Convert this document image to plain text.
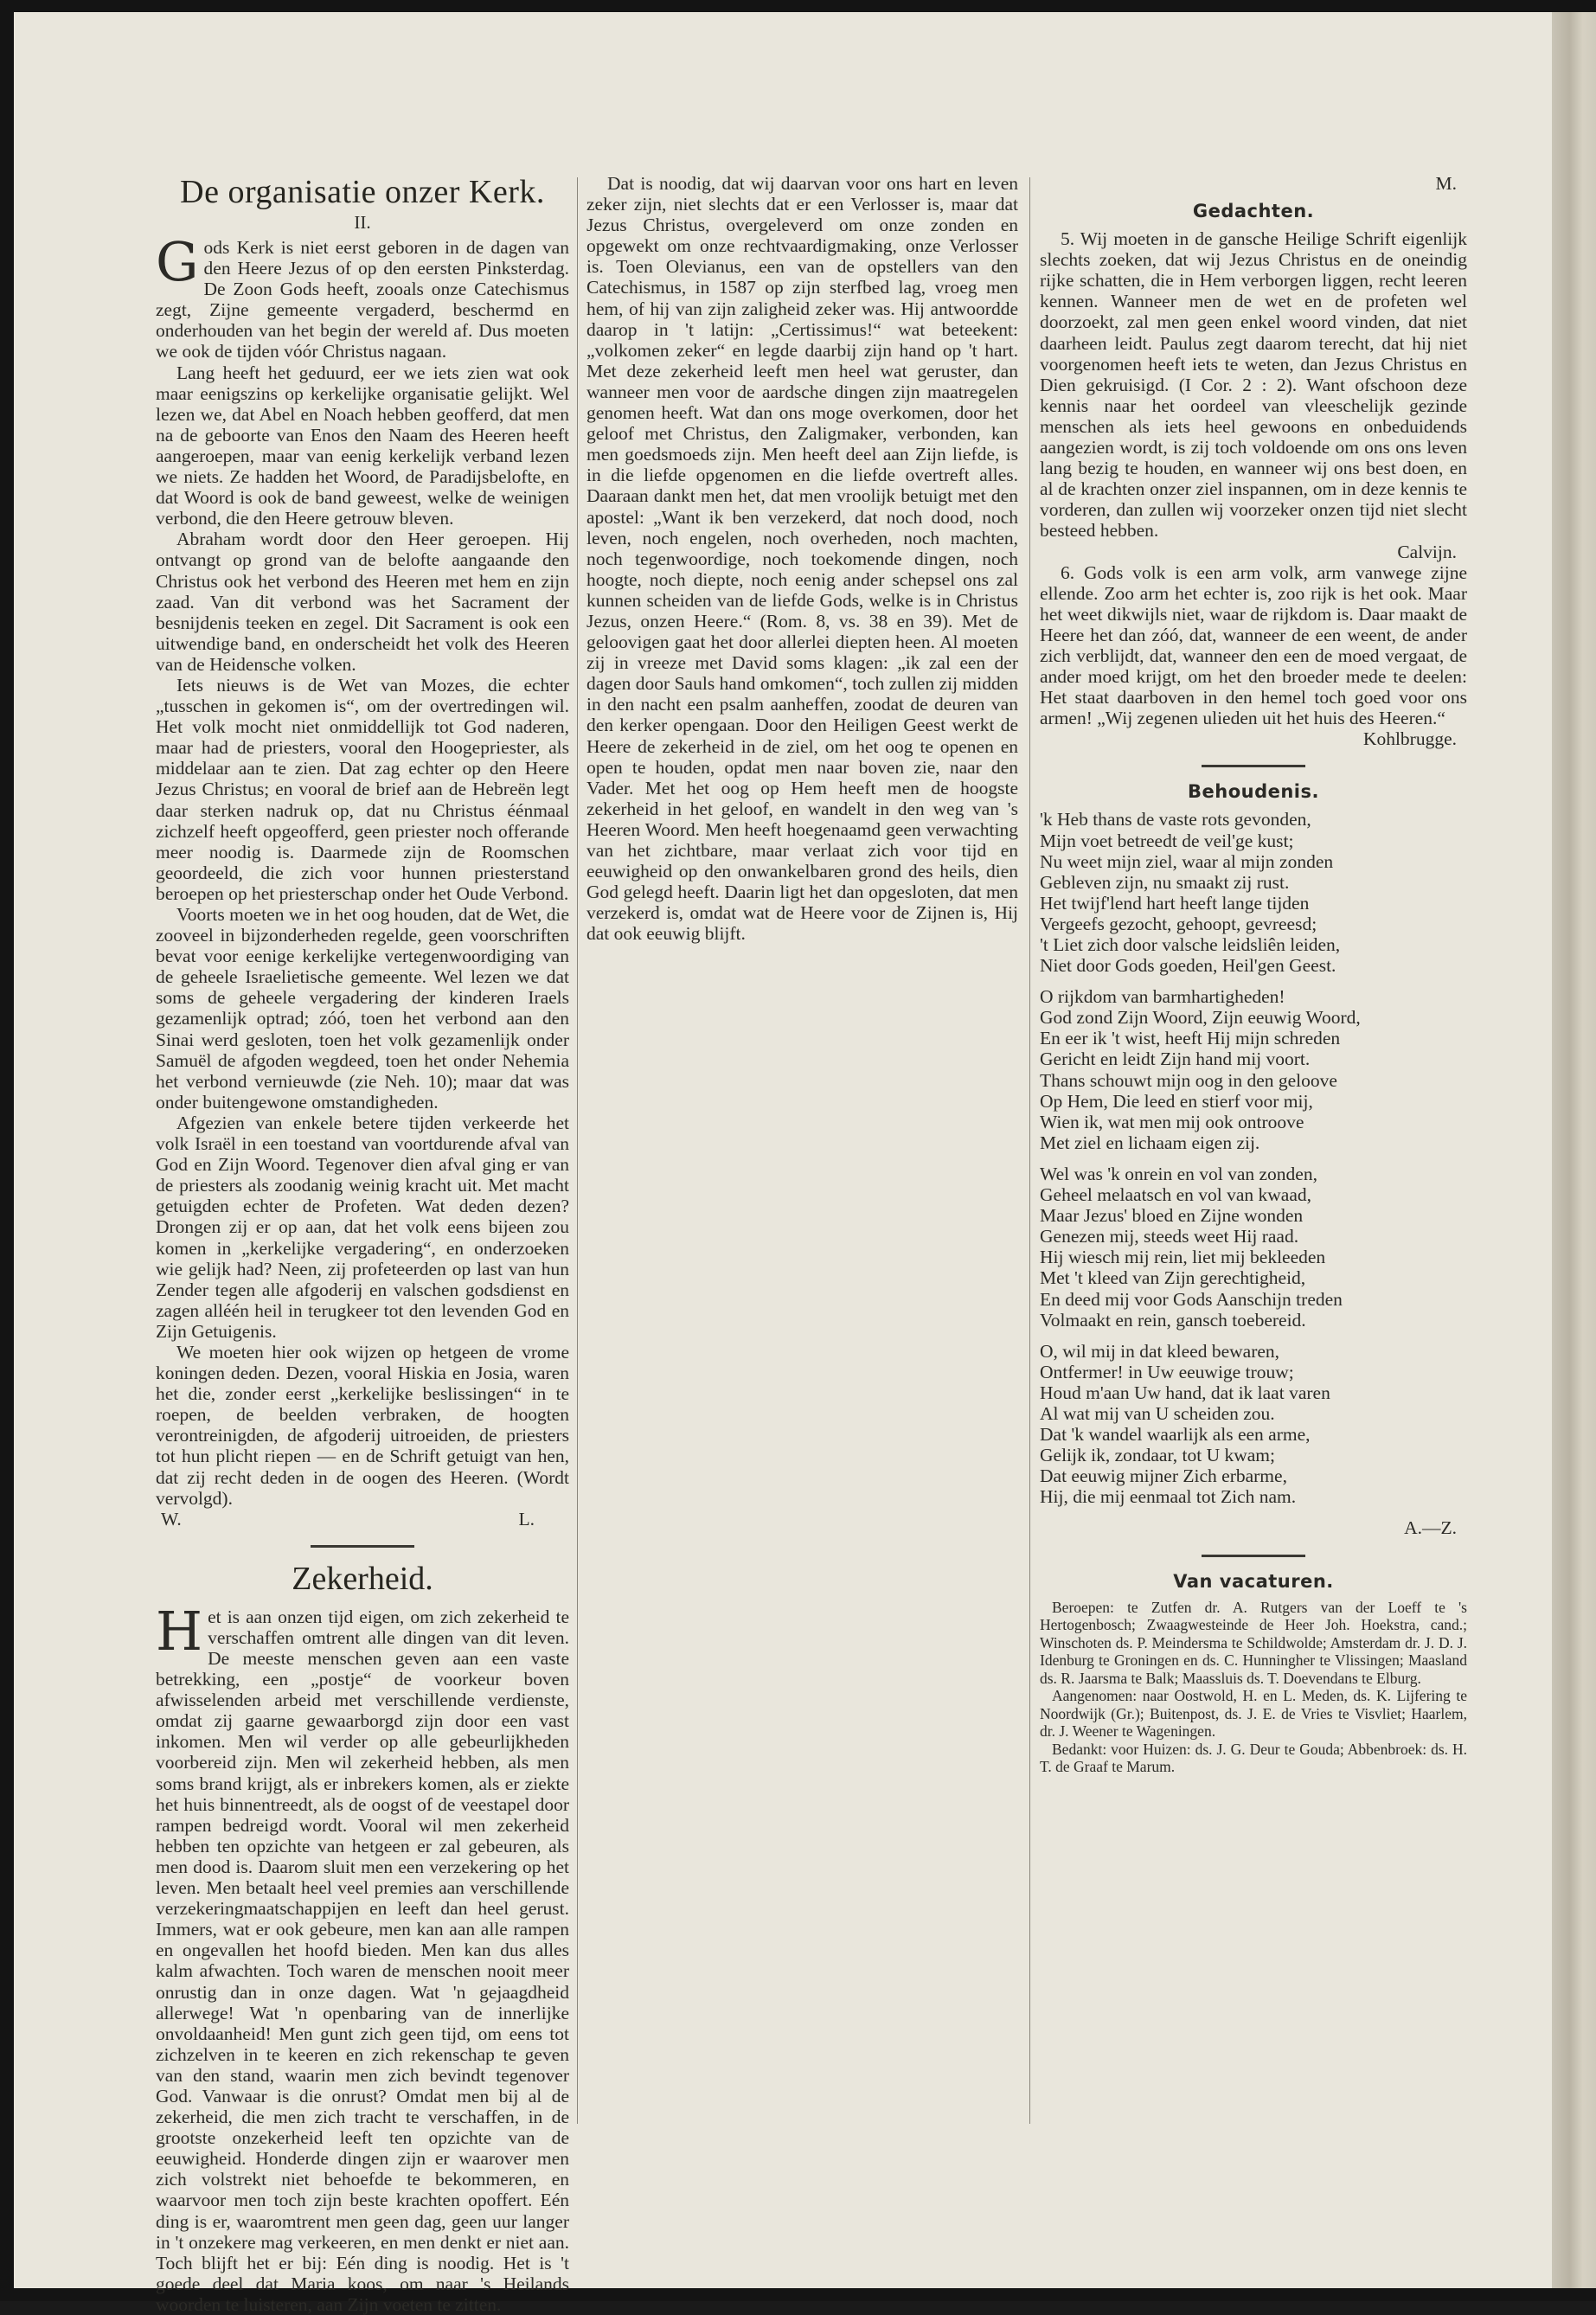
De organisatie onzer Kerk.
II.

Gods Kerk is niet eerst geboren in de dagen van den Heere Jezus of op den eersten Pinksterdag. De Zoon Gods heeft, zooals onze Catechismus zegt, Zijne gemeente vergaderd, beschermd en onderhouden van het begin der wereld af. Dus moeten we ook de tijden vóór Christus nagaan.

Lang heeft het geduurd, eer we iets zien wat ook maar eenigszins op kerkelijke organisatie gelijkt. Wel lezen we, dat Abel en Noach hebben geofferd, dat men na de geboorte van Enos den Naam des Heeren heeft aangeroepen, maar van eenig kerkelijk verband lezen we niets. Ze hadden het Woord, de Paradijsbelofte, en dat Woord is ook de band geweest, welke de weinigen verbond, die den Heere getrouw bleven.

Abraham wordt door den Heer geroepen. Hij ontvangt op grond van de belofte aangaande den Christus ook het verbond des Heeren met hem en zijn zaad. Van dit verbond was het Sacrament der besnijdenis teeken en zegel. Dit Sacrament is ook een uitwendige band, en onderscheidt het volk des Heeren van de Heidensche volken.

Iets nieuws is de Wet van Mozes, die echter „tusschen in gekomen is“, om der overtredingen wil. Het volk mocht niet onmiddellijk tot God naderen, maar had de priesters, vooral den Hoogepriester, als middelaar aan te zien. Dat zag echter op den Heere Jezus Christus; en vooral de brief aan de Hebreën legt daar sterken nadruk op, dat nu Christus éénmaal zichzelf heeft opgeofferd, geen priester noch offerande meer noodig is. Daarmede zijn de Roomschen geoordeeld, die zich voor hunnen priesterstand beroepen op het priesterschap onder het Oude Verbond.

Voorts moeten we in het oog houden, dat de Wet, die zooveel in bijzonderheden regelde, geen voorschriften bevat voor eenige kerkelijke vertegenwoordiging van de geheele Israelietische gemeente. Wel lezen we dat soms de geheele vergadering der kinderen Iraels gezamenlijk optrad; zóó, toen het verbond aan den Sinai werd gesloten, toen het volk gezamenlijk onder Samuël de afgoden wegdeed, toen het onder Nehemia het verbond vernieuwde (zie Neh. 10); maar dat was onder buitengewone omstandigheden.

Afgezien van enkele betere tijden verkeerde het volk Israël in een toestand van voortdurende afval van God en Zijn Woord. Tegenover dien afval ging er van de priesters als zoodanig weinig kracht uit. Met macht getuigden echter de Profeten. Wat deden dezen? Drongen zij er op aan, dat het volk eens bijeen zou komen in „kerkelijke vergadering“, en onderzoeken wie gelijk had? Neen, zij profeteerden op last van hun Zender tegen alle afgoderij en valschen godsdienst en zagen alléén heil in terugkeer tot den levenden God en Zijn Getuigenis.

We moeten hier ook wijzen op hetgeen de vrome koningen deden. Dezen, vooral Hiskia en Josia, waren het die, zonder eerst „kerkelijke beslissingen“ in te roepen, de beelden verbraken, de hoogten verontreinigden, de afgoderij uitroeiden, de priesters tot hun plicht riepen — en de Schrift getuigt van hen, dat zij recht deden in de oogen des Heeren. (Wordt vervolgd).

W.	L.
Zekerheid.

Het is aan onzen tijd eigen, om zich zekerheid te verschaffen omtrent alle dingen van dit leven. De meeste menschen geven aan een vaste betrekking, een „postje“ de voorkeur boven afwisselenden arbeid met verschillende verdienste, omdat zij gaarne gewaarborgd zijn door een vast inkomen. Men wil verder op alle gebeurlijkheden voorbereid zijn. Men wil zekerheid hebben, als men soms brand krijgt, als er inbrekers komen, als er ziekte het huis binnentreedt, als de oogst of de veestapel door rampen bedreigd wordt. Vooral wil men zekerheid hebben ten opzichte van hetgeen er zal gebeuren, als men dood is. Daarom sluit men een verzekering op het leven. Men betaalt heel veel premies aan verschillende verzekeringmaatschappijen en leeft dan heel gerust. Immers, wat er ook gebeure, men kan aan alle rampen en ongevallen het hoofd bieden. Men kan dus alles kalm afwachten. Toch waren de menschen nooit meer onrustig dan in onze dagen. Wat 'n gejaagdheid allerwege! Wat 'n openbaring van de innerlijke onvoldaanheid! Men gunt zich geen tijd, om eens tot zichzelven in te keeren en zich rekenschap te geven van den stand, waarin men zich bevindt tegenover God. Vanwaar is die onrust? Omdat men bij al de zekerheid, die men zich tracht te verschaffen, in de grootste onzekerheid leeft ten opzichte van de eeuwigheid. Honderde dingen zijn er waarover men zich volstrekt niet behoefde te bekommeren, en waarvoor men toch zijn beste krachten opoffert. Eén ding is er, waaromtrent men geen dag, geen uur langer in 't onzekere mag verkeeren, en men denkt er niet aan. Toch blijft het er bij: Eén ding is noodig. Het is 't goede deel dat Maria koos, om naar 's Heilands woorden te luisteren, aan Zijn voeten te zitten.

Dat is noodig, dat wij daarvan voor ons hart en leven zeker zijn, niet slechts dat er een Verlosser is, maar dat Jezus Christus, overgeleverd om onze zonden en opgewekt om onze rechtvaardigmaking, onze Verlosser is. Toen Olevianus, een van de opstellers van den Catechismus, in 1587 op zijn sterfbed lag, vroeg men hem, of hij van zijn zaligheid zeker was. Hij antwoordde daarop in 't latijn: „Certissimus!“ wat beteekent: „volkomen zeker“ en legde daarbij zijn hand op 't hart. Met deze zekerheid leeft men heel wat geruster, dan wanneer men voor de aardsche dingen zijn maatregelen genomen heeft. Wat dan ons moge overkomen, door het geloof met Christus, den Zaligmaker, verbonden, kan men goedsmoeds zijn. Men heeft deel aan Zijn liefde, is in die liefde opgenomen en die liefde overtreft alles. Daaraan dankt men het, dat men vroolijk betuigt met den apostel: „Want ik ben verzekerd, dat noch dood, noch leven, noch engelen, noch overheden, noch machten, noch tegenwoordige, noch toekomende dingen, noch hoogte, noch diepte, noch eenig ander schepsel ons zal kunnen scheiden van de liefde Gods, welke is in Christus Jezus, onzen Heere.“ (Rom. 8, vs. 38 en 39). Met de geloovigen gaat het door allerlei diepten heen. Al moeten zij in vreeze met David soms klagen: „ik zal een der dagen door Sauls hand omkomen“, toch zullen zij midden in den nacht een psalm aanheffen, zoodat de deuren van den kerker opengaan. Door den Heiligen Geest werkt de Heere de zekerheid in de ziel, om het oog te openen en open te houden, opdat men naar boven zie, naar den Vader. Met het oog op Hem heeft men de hoogste zekerheid in het geloof, en wandelt in den weg van 's Heeren Woord. Men heeft hoegenaamd geen verwachting van het zichtbare, maar verlaat zich voor tijd en eeuwigheid op den onwankelbaren grond des heils, dien God gelegd heeft. Daarin ligt het dan opgesloten, dat men verzekerd is, omdat wat de Heere voor de Zijnen is, Hij dat ook eeuwig blijft.

M.
Gedachten.

5. Wij moeten in de gansche Heilige Schrift eigenlijk slechts zoeken, dat wij Jezus Christus en de oneindig rijke schatten, die in Hem verborgen liggen, recht leeren kennen. Wanneer men de wet en de profeten wel doorzoekt, zal men geen enkel woord vinden, dat niet daarheen leidt. Paulus zegt daarom terecht, dat hij niet voorgenomen heeft iets te weten, dan Jezus Christus en Dien gekruisigd. (I Cor. 2 : 2). Want ofschoon deze kennis naar het oordeel van vleeschelijk gezinde menschen als iets heel gewoons en onbeduidends aangezien wordt, is zij toch voldoende om ons ons leven lang bezig te houden, en wanneer wij ons best doen, en al de krachten onzer ziel inspannen, om in deze kennis te vorderen, dan zullen wij voorzeker onzen tijd niet slecht besteed hebben.

Calvijn.

6. Gods volk is een arm volk, arm vanwege zijne ellende. Zoo arm het echter is, zoo rijk is het ook. Maar het weet dikwijls niet, waar de rijkdom is. Daar maakt de Heere het dan zóó, dat, wanneer de een weent, de ander zich verblijdt, dat, wanneer den een de moed vergaat, de ander moed krijgt, om het den broeder mede te deelen: Het staat daarboven in den hemel toch goed voor ons armen! „Wij zegenen ulieden uit het huis des Heeren.“

Kohlbrugge.
Behoudenis.
'k Heb thans de vaste rots gevonden,
Mijn voet betreedt de veil'ge kust;
Nu weet mijn ziel, waar al mijn zonden
Gebleven zijn, nu smaakt zij rust.
Het twijf'lend hart heeft lange tijden
Vergeefs gezocht, gehoopt, gevreesd;
't Liet zich door valsche leidsliên leiden,
Niet door Gods goeden, Heil'gen Geest.
O rijkdom van barmhartigheden!
God zond Zijn Woord, Zijn eeuwig Woord,
En eer ik 't wist, heeft Hij mijn schreden
Gericht en leidt Zijn hand mij voort.
Thans schouwt mijn oog in den geloove
Op Hem, Die leed en stierf voor mij,
Wien ik, wat men mij ook ontroove
Met ziel en lichaam eigen zij.
Wel was 'k onrein en vol van zonden,
Geheel melaatsch en vol van kwaad,
Maar Jezus' bloed en Zijne wonden
Genezen mij, steeds weet Hij raad.
Hij wiesch mij rein, liet mij bekleeden
Met 't kleed van Zijn gerechtigheid,
En deed mij voor Gods Aanschijn treden
Volmaakt en rein, gansch toebereid.
O, wil mij in dat kleed bewaren,
Ontfermer! in Uw eeuwige trouw;
Houd m'aan Uw hand, dat ik laat varen
Al wat mij van U scheiden zou.
Dat 'k wandel waarlijk als een arme,
Gelijk ik, zondaar, tot U kwam;
Dat eeuwig mijner Zich erbarme,
Hij, die mij eenmaal tot Zich nam.
A.—Z.
Van vacaturen.

Beroepen: te Zutfen dr. A. Rutgers van der Loeff te 's Hertogenbosch; Zwaagwesteinde de Heer Joh. Hoekstra, cand.; Winschoten ds. P. Meindersma te Schildwolde; Amsterdam dr. J. D. J. Idenburg te Groningen en ds. C. Hunningher te Vlissingen; Maasland ds. R. Jaarsma te Balk; Maassluis ds. T. Doevendans te Elburg.

Aangenomen: naar Oostwold, H. en L. Meden, ds. K. Lijfering te Noordwijk (Gr.); Buitenpost, ds. J. E. de Vries te Visvliet; Haarlem, dr. J. Weener te Wageningen.

Bedankt: voor Huizen: ds. J. G. Deur te Gouda; Abbenbroek: ds. H. T. de Graaf te Marum.
